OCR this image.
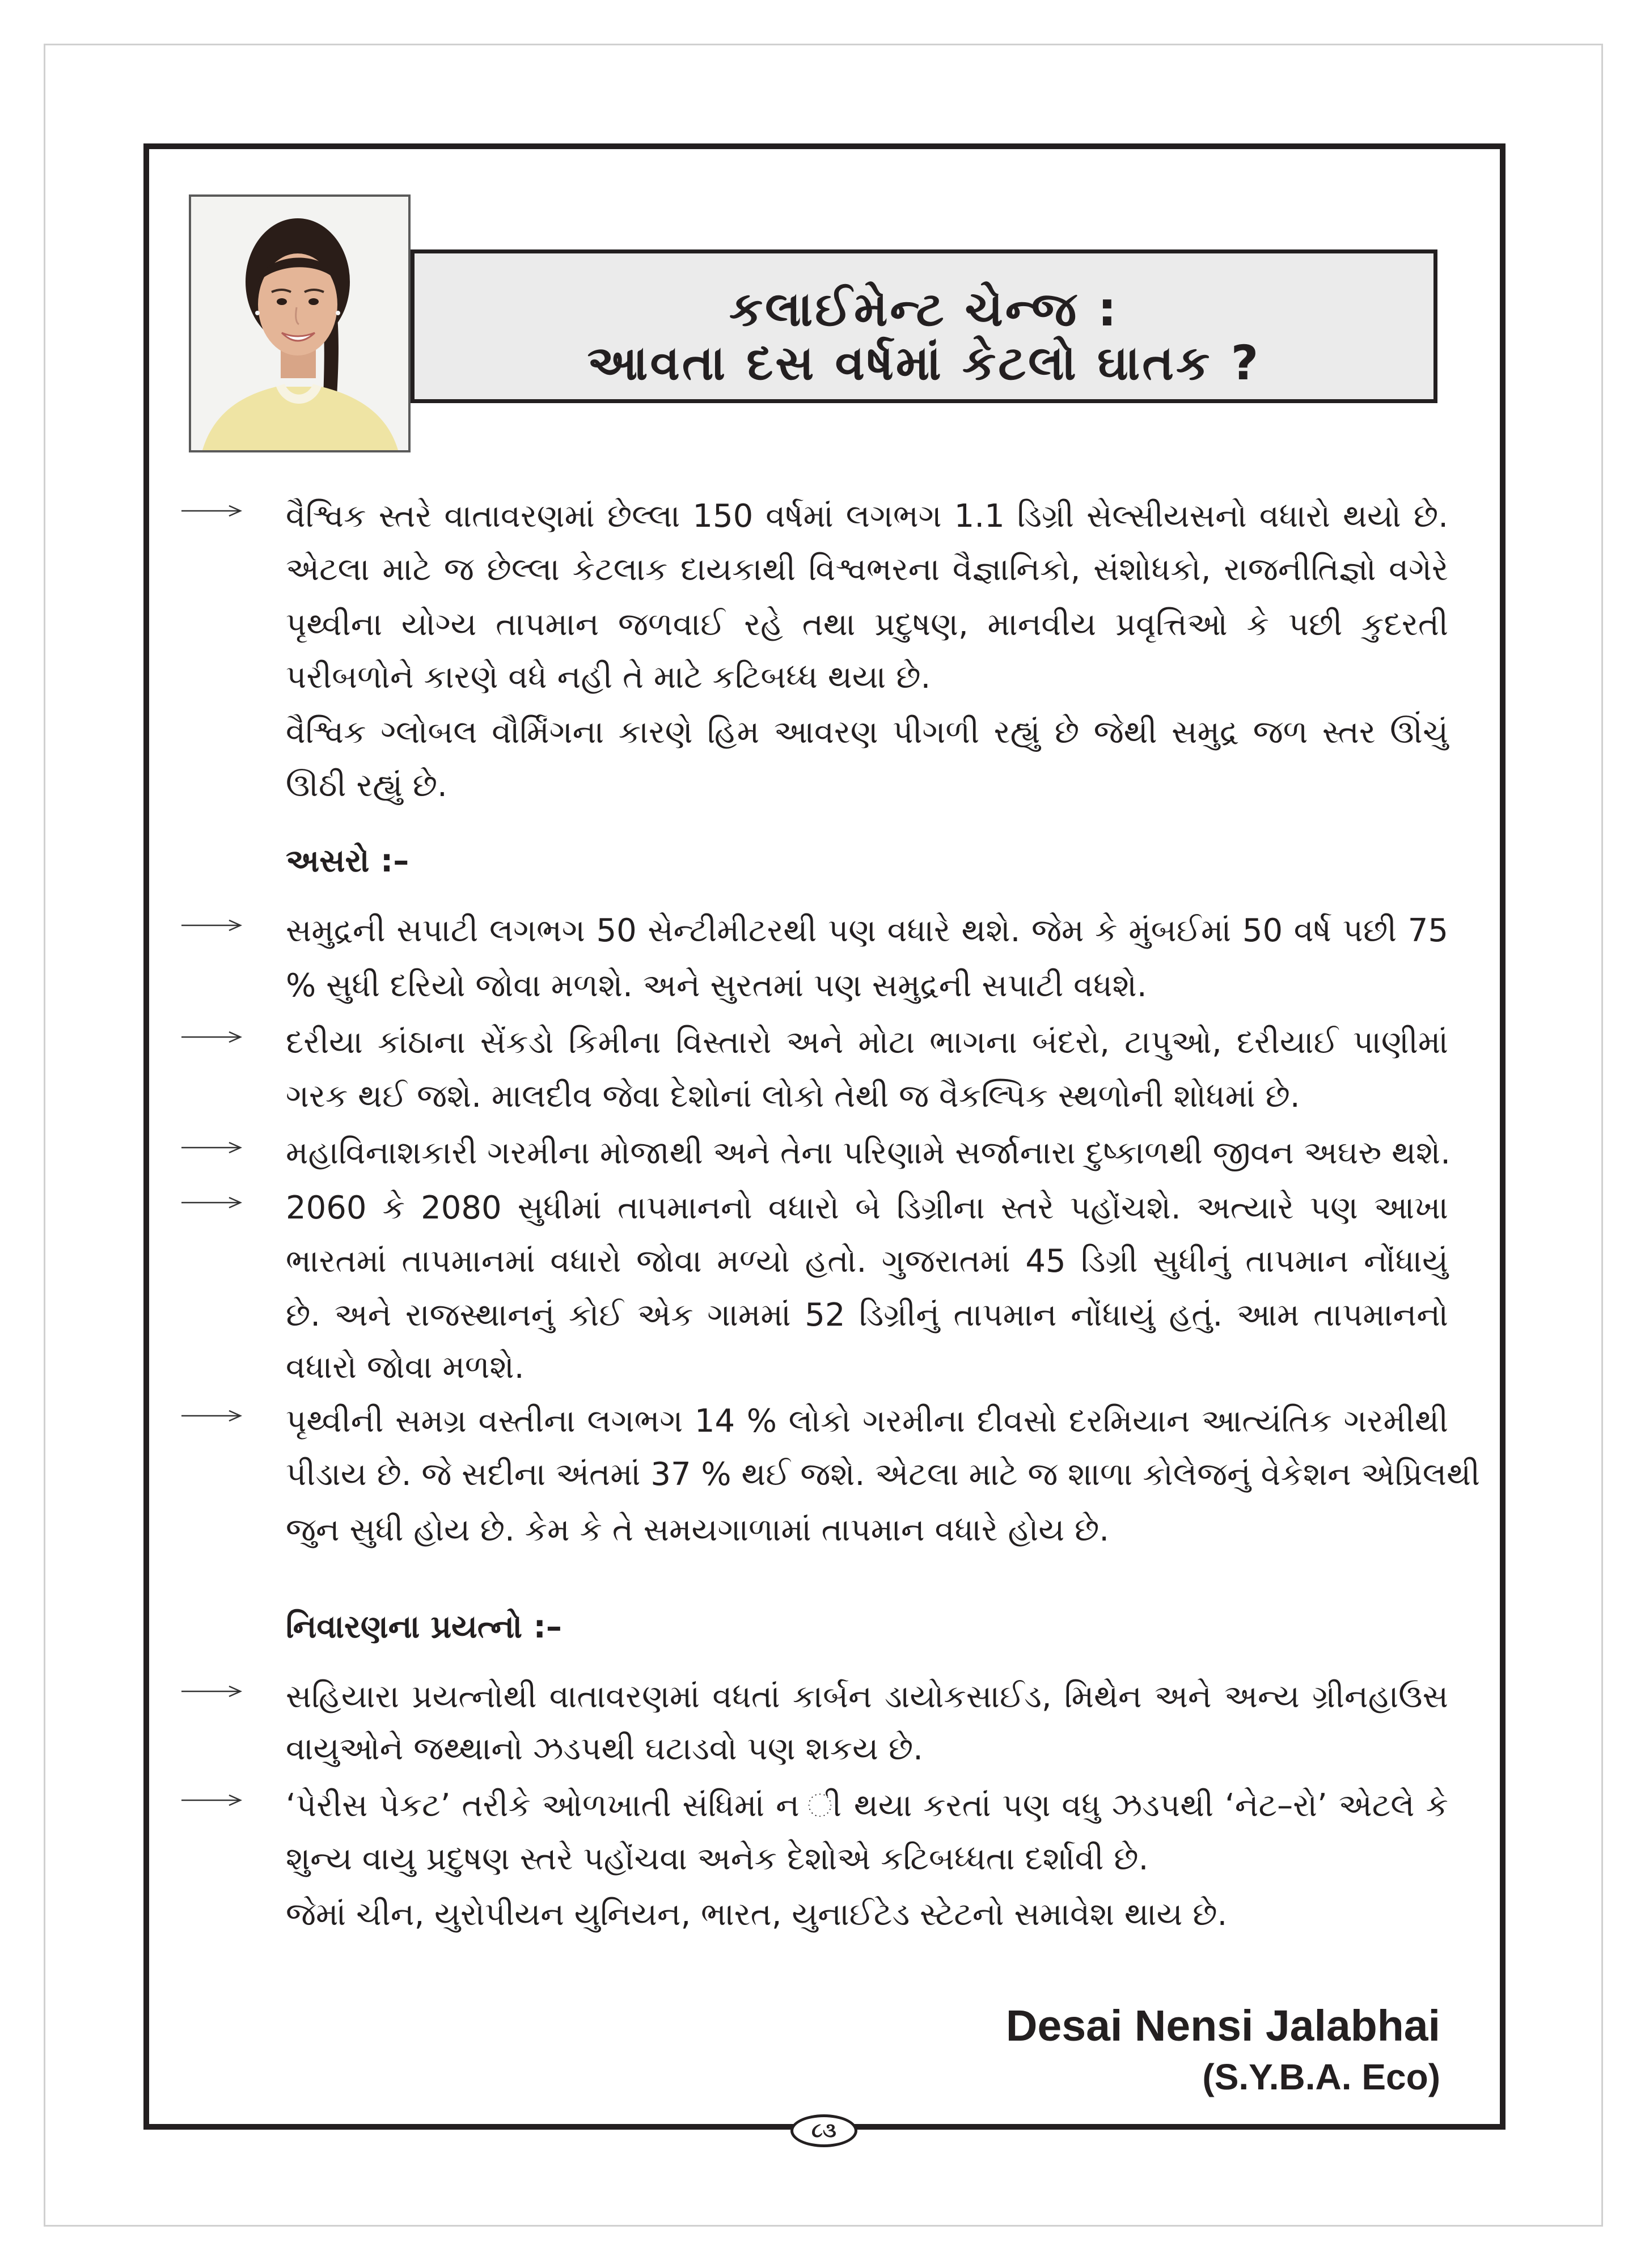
કલાઈમેન્ટ ચેન્જ :
આવતા દસ વર્ષમાં કેટલો ઘાતક ?
વૈશ્વિક સ્તરે વાતાવરણમાં છેલ્લા 150 વર્ષમાં લગભગ 1.1 ડિગ્રી સેલ્સીયસનો વધારો થયો છે.
એટલા માટે જ છેલ્લા કેટલાક દાયકાથી વિશ્વભરના વૈજ્ઞાનિકો, સંશોધકો, રાજનીતિજ્ઞો વગેરે
પૃથ્વીના યોગ્ય તાપમાન જળવાઈ રહે તથા પ્રદુષણ, માનવીય પ્રવૃત્તિઓ કે પછી કુદરતી
પરીબળોને કારણે વધે નહી તે માટે કટિબધ્ધ થયા છે.
વૈશ્વિક ગ્લોબલ વૌર્મિંગના કારણે હિમ આવરણ પીગળી રહ્યું છે જેથી સમુદ્ર જળ સ્તર ઊંચું
ઊઠી રહ્યું છે.
અસરો :–
સમુદ્રની સપાટી લગભગ 50 સેન્ટીમીટરથી પણ વધારે થશે. જેમ કે મુંબઈમાં 50 વર્ષ પછી 75
% સુધી દરિયો જોવા મળશે. અને સુરતમાં પણ સમુદ્રની સપાટી વધશે.
દરીયા કાંઠાના સેંકડો કિમીના વિસ્તારો અને મોટા ભાગના બંદરો, ટાપુઓ, દરીયાઈ પાણીમાં
ગરક થઈ જશે. માલદીવ જેવા દેશોનાં લોકો તેથી જ વૈકલ્પિક સ્થળોની શોધમાં છે.
મહાવિનાશકારી ગરમીના મોજાથી અને તેના પરિણામે સર્જાનારા દુષ્કાળથી જીવન અઘરુ થશે.
2060 કે 2080 સુધીમાં તાપમાનનો વધારો બે ડિગ્રીના સ્તરે પહોંચશે. અત્યારે પણ આખા
ભારતમાં તાપમાનમાં વધારો જોવા મળ્યો હતો. ગુજરાતમાં 45 ડિગ્રી સુધીનું તાપમાન નોંધાયું
છે. અને રાજસ્થાનનું કોઈ એક ગામમાં 52 ડિગ્રીનું તાપમાન નોંધાયું હતું. આમ તાપમાનનો
વધારો જોવા મળશે.
પૃથ્વીની સમગ્ર વસ્તીના લગભગ 14 % લોકો ગરમીના દીવસો દરમિયાન આત્યંતિક ગરમીથી
પીડાય છે. જે સદીના અંતમાં 37 % થઈ જશે. એટલા માટે જ શાળા કોલેજનું વેકેશન એપ્રિલથી
જુન સુધી હોય છે. કેમ કે તે સમયગાળામાં તાપમાન વધારે હોય છે.
નિવારણના પ્રયત્નો :–
સહિયારા પ્રયત્નોથી વાતાવરણમાં વધતાં કાર્બન ડાયોકસાઈડ, મિથેન અને અન્ય ગ્રીનહાઉસ
વાયુઓને જથ્થાનો ઝડપથી ઘટાડવો પણ શકય છે.
‘પેરીસ પેકટ’ તરીકે ઓળખાતી સંધિમાં ન ી થયા કરતાં પણ વધુ ઝડપથી ‘નેટ–રો’ એટલે કે
શુન્ય વાયુ પ્રદુષણ સ્તરે પહોંચવા અનેક દેશોએ કટિબધ્ધતા દર્શાવી છે.
જેમાં ચીન, યુરોપીયન યુનિયન, ભારત, યુનાઈટેડ સ્ટેટનો સમાવેશ થાય છે.
Desai Nensi Jalabhai
(S.Y.B.A. Eco)
૮૩
